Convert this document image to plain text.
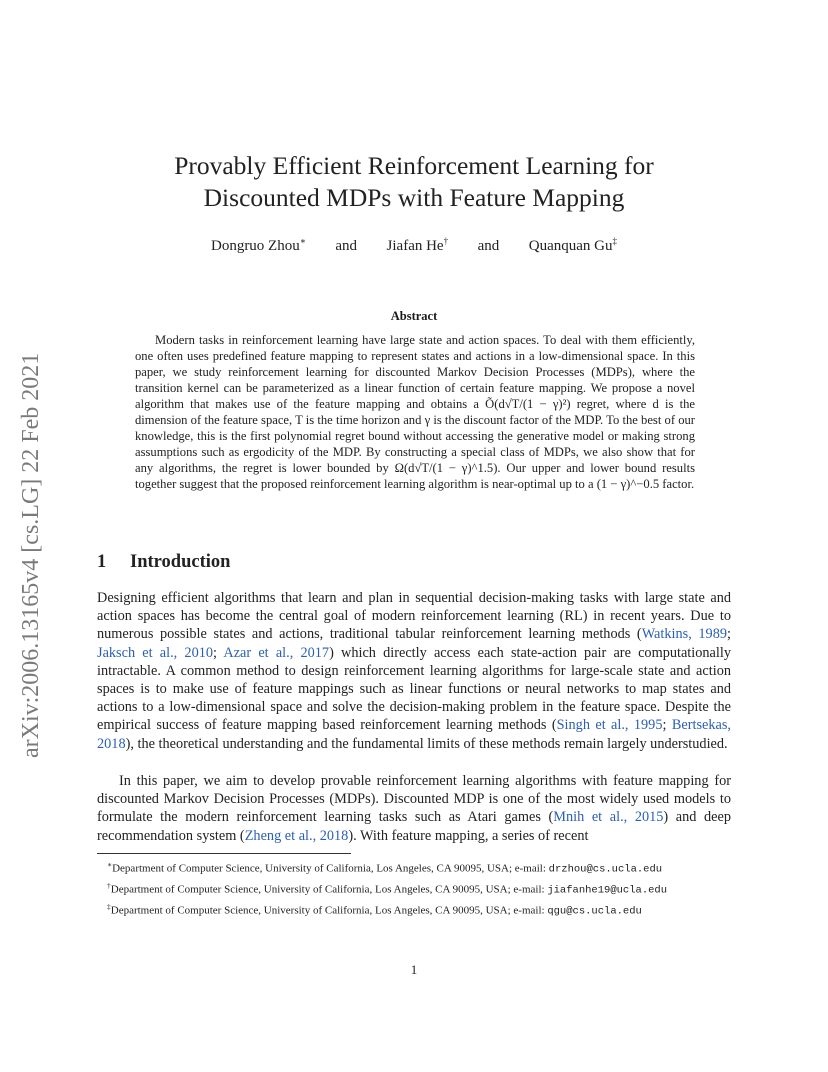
arXiv:2006.13165v4 [cs.LG] 22 Feb 2021
Provably Efficient Reinforcement Learning for
Discounted MDPs with Feature Mapping
Dongruo Zhou∗ and Jiafan He† and Quanquan Gu‡
Abstract
Modern tasks in reinforcement learning have large state and action spaces. To deal with them efficiently, one often uses predefined feature mapping to represent states and actions in a low-dimensional space. In this paper, we study reinforcement learning for discounted Markov Decision Processes (MDPs), where the transition kernel can be parameterized as a linear function of certain feature mapping. We propose a novel algorithm that makes use of the feature mapping and obtains a Õ(d√T/(1 − γ)²) regret, where d is the dimension of the feature space, T is the time horizon and γ is the discount factor of the MDP. To the best of our knowledge, this is the first polynomial regret bound without accessing the generative model or making strong assumptions such as ergodicity of the MDP. By constructing a special class of MDPs, we also show that for any algorithms, the regret is lower bounded by Ω(d√T/(1 − γ)^1.5). Our upper and lower bound results together suggest that the proposed reinforcement learning algorithm is near-optimal up to a (1 − γ)^−0.5 factor.
1 Introduction
Designing efficient algorithms that learn and plan in sequential decision-making tasks with large state and action spaces has become the central goal of modern reinforcement learning (RL) in recent years. Due to numerous possible states and actions, traditional tabular reinforcement learning methods (Watkins, 1989; Jaksch et al., 2010; Azar et al., 2017) which directly access each state-action pair are computationally intractable. A common method to design reinforcement learning algorithms for large-scale state and action spaces is to make use of feature mappings such as linear functions or neural networks to map states and actions to a low-dimensional space and solve the decision-making problem in the feature space. Despite the empirical success of feature mapping based reinforcement learning methods (Singh et al., 1995; Bertsekas, 2018), the theoretical understanding and the fundamental limits of these methods remain largely understudied.
In this paper, we aim to develop provable reinforcement learning algorithms with feature mapping for discounted Markov Decision Processes (MDPs). Discounted MDP is one of the most widely used models to formulate the modern reinforcement learning tasks such as Atari games (Mnih et al., 2015) and deep recommendation system (Zheng et al., 2018). With feature mapping, a series of recent
∗Department of Computer Science, University of California, Los Angeles, CA 90095, USA; e-mail: drzhou@cs.ucla.edu
†Department of Computer Science, University of California, Los Angeles, CA 90095, USA; e-mail: jiafanhe19@ucla.edu
‡Department of Computer Science, University of California, Los Angeles, CA 90095, USA; e-mail: qgu@cs.ucla.edu
1
